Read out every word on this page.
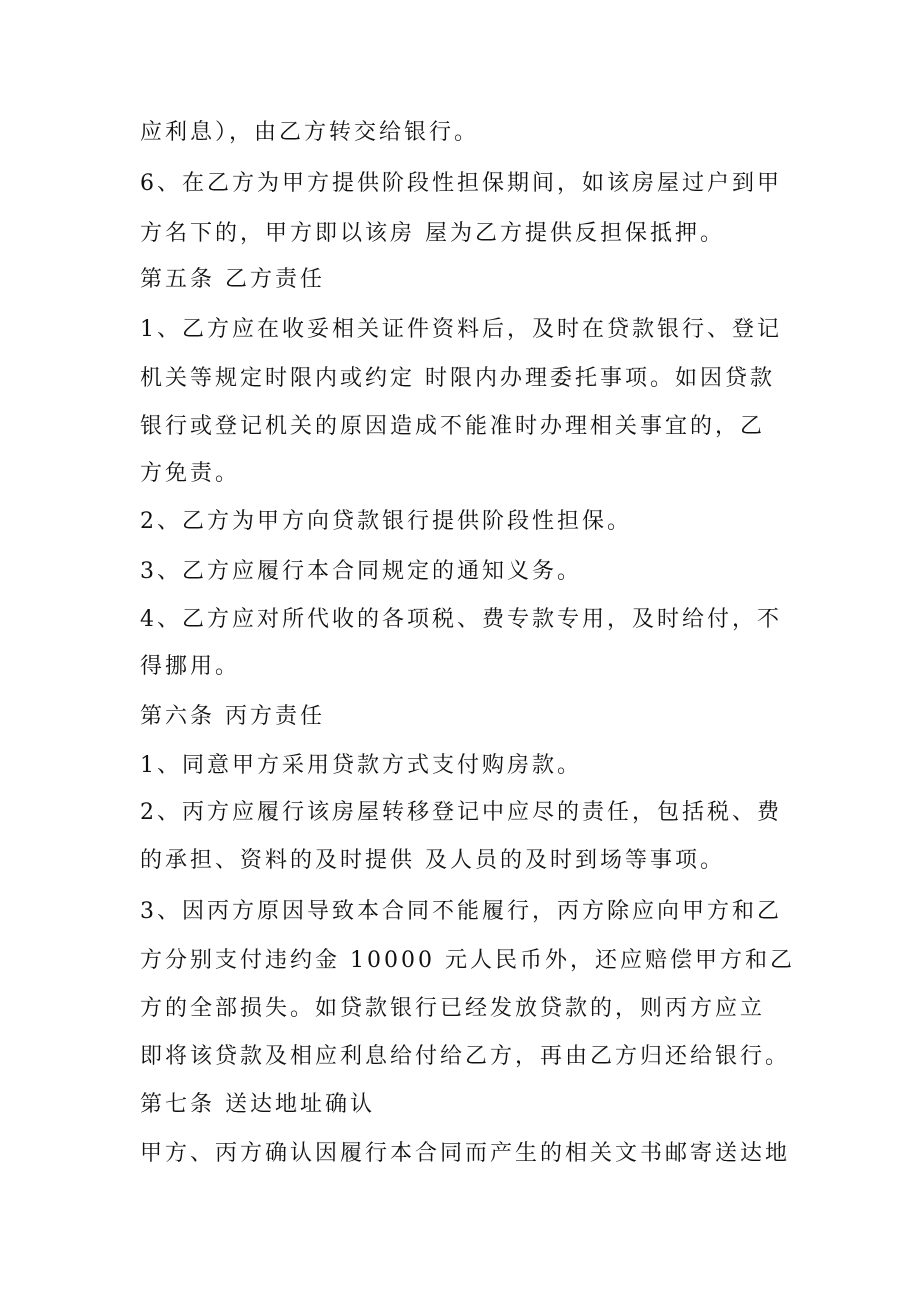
应利息），由乙方转交给银行。
6、在乙方为甲方提供阶段性担保期间，如该房屋过户到甲
方名下的，甲方即以该房 屋为乙方提供反担保抵押。
第五条 乙方责任
1、乙方应在收妥相关证件资料后，及时在贷款银行、登记
机关等规定时限内或约定 时限内办理委托事项。如因贷款
银行或登记机关的原因造成不能准时办理相关事宜的，乙
方免责。
2、乙方为甲方向贷款银行提供阶段性担保。
3、乙方应履行本合同规定的通知义务。
4、乙方应对所代收的各项税、费专款专用，及时给付，不
得挪用。
第六条 丙方责任
1、同意甲方采用贷款方式支付购房款。
2、丙方应履行该房屋转移登记中应尽的责任，包括税、费
的承担、资料的及时提供 及人员的及时到场等事项。
3、因丙方原因导致本合同不能履行，丙方除应向甲方和乙
方分别支付违约金 10000 元人民币外，还应赔偿甲方和乙
方的全部损失。如贷款银行已经发放贷款的，则丙方应立
即将该贷款及相应利息给付给乙方，再由乙方归还给银行。
第七条 送达地址确认
甲方、丙方确认因履行本合同而产生的相关文书邮寄送达地
